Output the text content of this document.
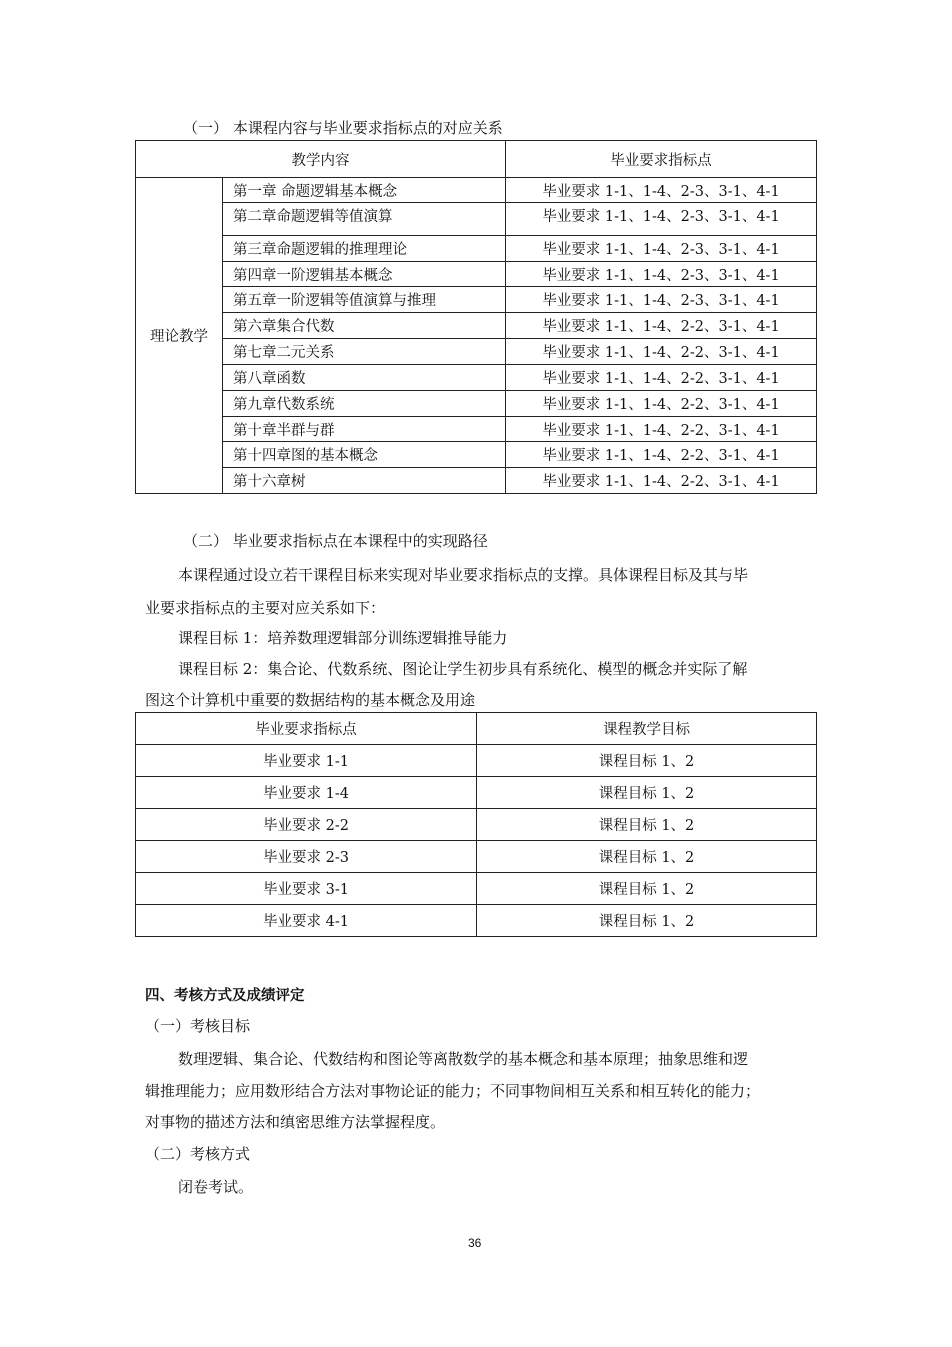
（一） 本课程内容与毕业要求指标点的对应关系
教学内容		毕业要求指标点
理论教学	第一章 命题逻辑基本概念	毕业要求 1-1、1-4、2-3、3-1、4-1
	第二章命题逻辑等值演算	毕业要求 1-1、1-4、2-3、3-1、4-1
	第三章命题逻辑的推理理论	毕业要求 1-1、1-4、2-3、3-1、4-1
	第四章一阶逻辑基本概念	毕业要求 1-1、1-4、2-3、3-1、4-1
	第五章一阶逻辑等值演算与推理	毕业要求 1-1、1-4、2-3、3-1、4-1
	第六章集合代数	毕业要求 1-1、1-4、2-2、3-1、4-1
	第七章二元关系	毕业要求 1-1、1-4、2-2、3-1、4-1
	第八章函数	毕业要求 1-1、1-4、2-2、3-1、4-1
	第九章代数系统	毕业要求 1-1、1-4、2-2、3-1、4-1
	第十章半群与群	毕业要求 1-1、1-4、2-2、3-1、4-1
	第十四章图的基本概念	毕业要求 1-1、1-4、2-2、3-1、4-1
	第十六章树	毕业要求 1-1、1-4、2-2、3-1、4-1
（二） 毕业要求指标点在本课程中的实现路径
本课程通过设立若干课程目标来实现对毕业要求指标点的支撑。具体课程目标及其与毕
业要求指标点的主要对应关系如下：
课程目标 1：培养数理逻辑部分训练逻辑推导能力
课程目标 2：集合论、代数系统、图论让学生初步具有系统化、模型的概念并实际了解
图这个计算机中重要的数据结构的基本概念及用途
毕业要求指标点	课程教学目标
毕业要求 1-1	课程目标 1、2
毕业要求 1-4	课程目标 1、2
毕业要求 2-2	课程目标 1、2
毕业要求 2-3	课程目标 1、2
毕业要求 3-1	课程目标 1、2
毕业要求 4-1	课程目标 1、2
四、考核方式及成绩评定
（一）考核目标
数理逻辑、集合论、代数结构和图论等离散数学的基本概念和基本原理；抽象思维和逻
辑推理能力；应用数形结合方法对事物论证的能力；不同事物间相互关系和相互转化的能力；
对事物的描述方法和缜密思维方法掌握程度。
（二）考核方式
闭卷考试。
36
